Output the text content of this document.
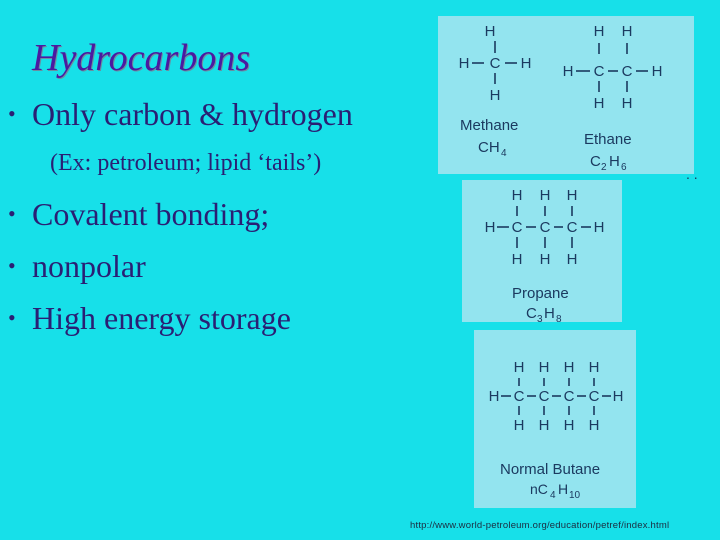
Hydrocarbons
• Only carbon & hydrogen
(Ex: petroleum; lipid ‘tails’)
• Covalent bonding;
• nonpolar
• High energy storage
H
H C H
H
Methane
CH 4
H H
H C C H
H H
Ethane
C 2 H 6	. .
H H H
H C C C H
H H H
Propane
C 3 H 8
H H H H
H C C C C H
H H H H
Normal Butane
nC 4 H 10
http://www.world-petroleum.org/education/petref/index.html
